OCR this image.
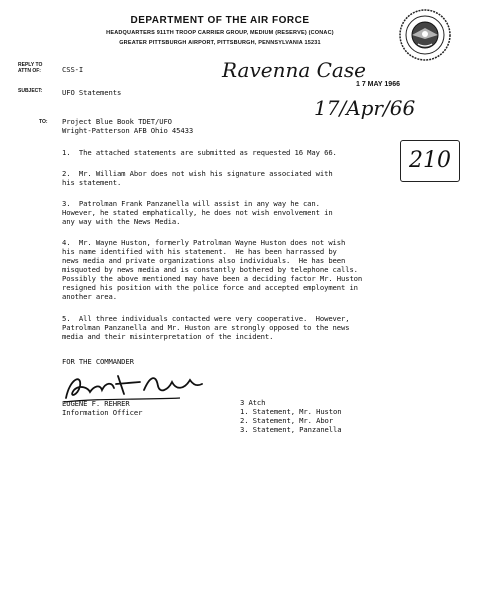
DEPARTMENT OF THE AIR FORCE
HEADQUARTERS 911TH TROOP CARRIER GROUP, MEDIUM (RESERVE) (CONAC)
GREATER PITTSBURGH AIRPORT, PITTSBURGH, PENNSYLVANIA 15231
REPLY TO
ATTN OF:	CSS-I
SUBJECT:	UFO Statements
TO: Project Blue Book TDET/UFO
Wright-Patterson AFB Ohio 45433
1 7 MAY 1966
Ravenna Case
17/Apr/66
210
1.  The attached statements are submitted as requested 16 May 66.
2.  Mr. William Abor does not wish his signature associated with
his statement.
3.  Patrolman Frank Panzanella will assist in any way he can.
However, he stated emphatically, he does not wish envolvement in
any way with the News Media.
4.  Mr. Wayne Huston, formerly Patrolman Wayne Huston does not wish
his name identified with his statement.  He has been harrassed by
news media and private organizations also individuals.  He has been
misquoted by news media and is constantly bothered by telephone calls.
Possibly the above mentioned may have been a deciding factor Mr. Huston
resigned his position with the police force and accepted employment in
another area.
5.  All three individuals contacted were very cooperative.  However,
Patrolman Panzanella and Mr. Huston are strongly opposed to the news
media and their misinterpretation of the incident.
FOR THE COMMANDER
EUGENE F. REHRER
Information Officer
3 Atch
1. Statement, Mr. Huston
2. Statement, Mr. Abor
3. Statement, Panzanella
